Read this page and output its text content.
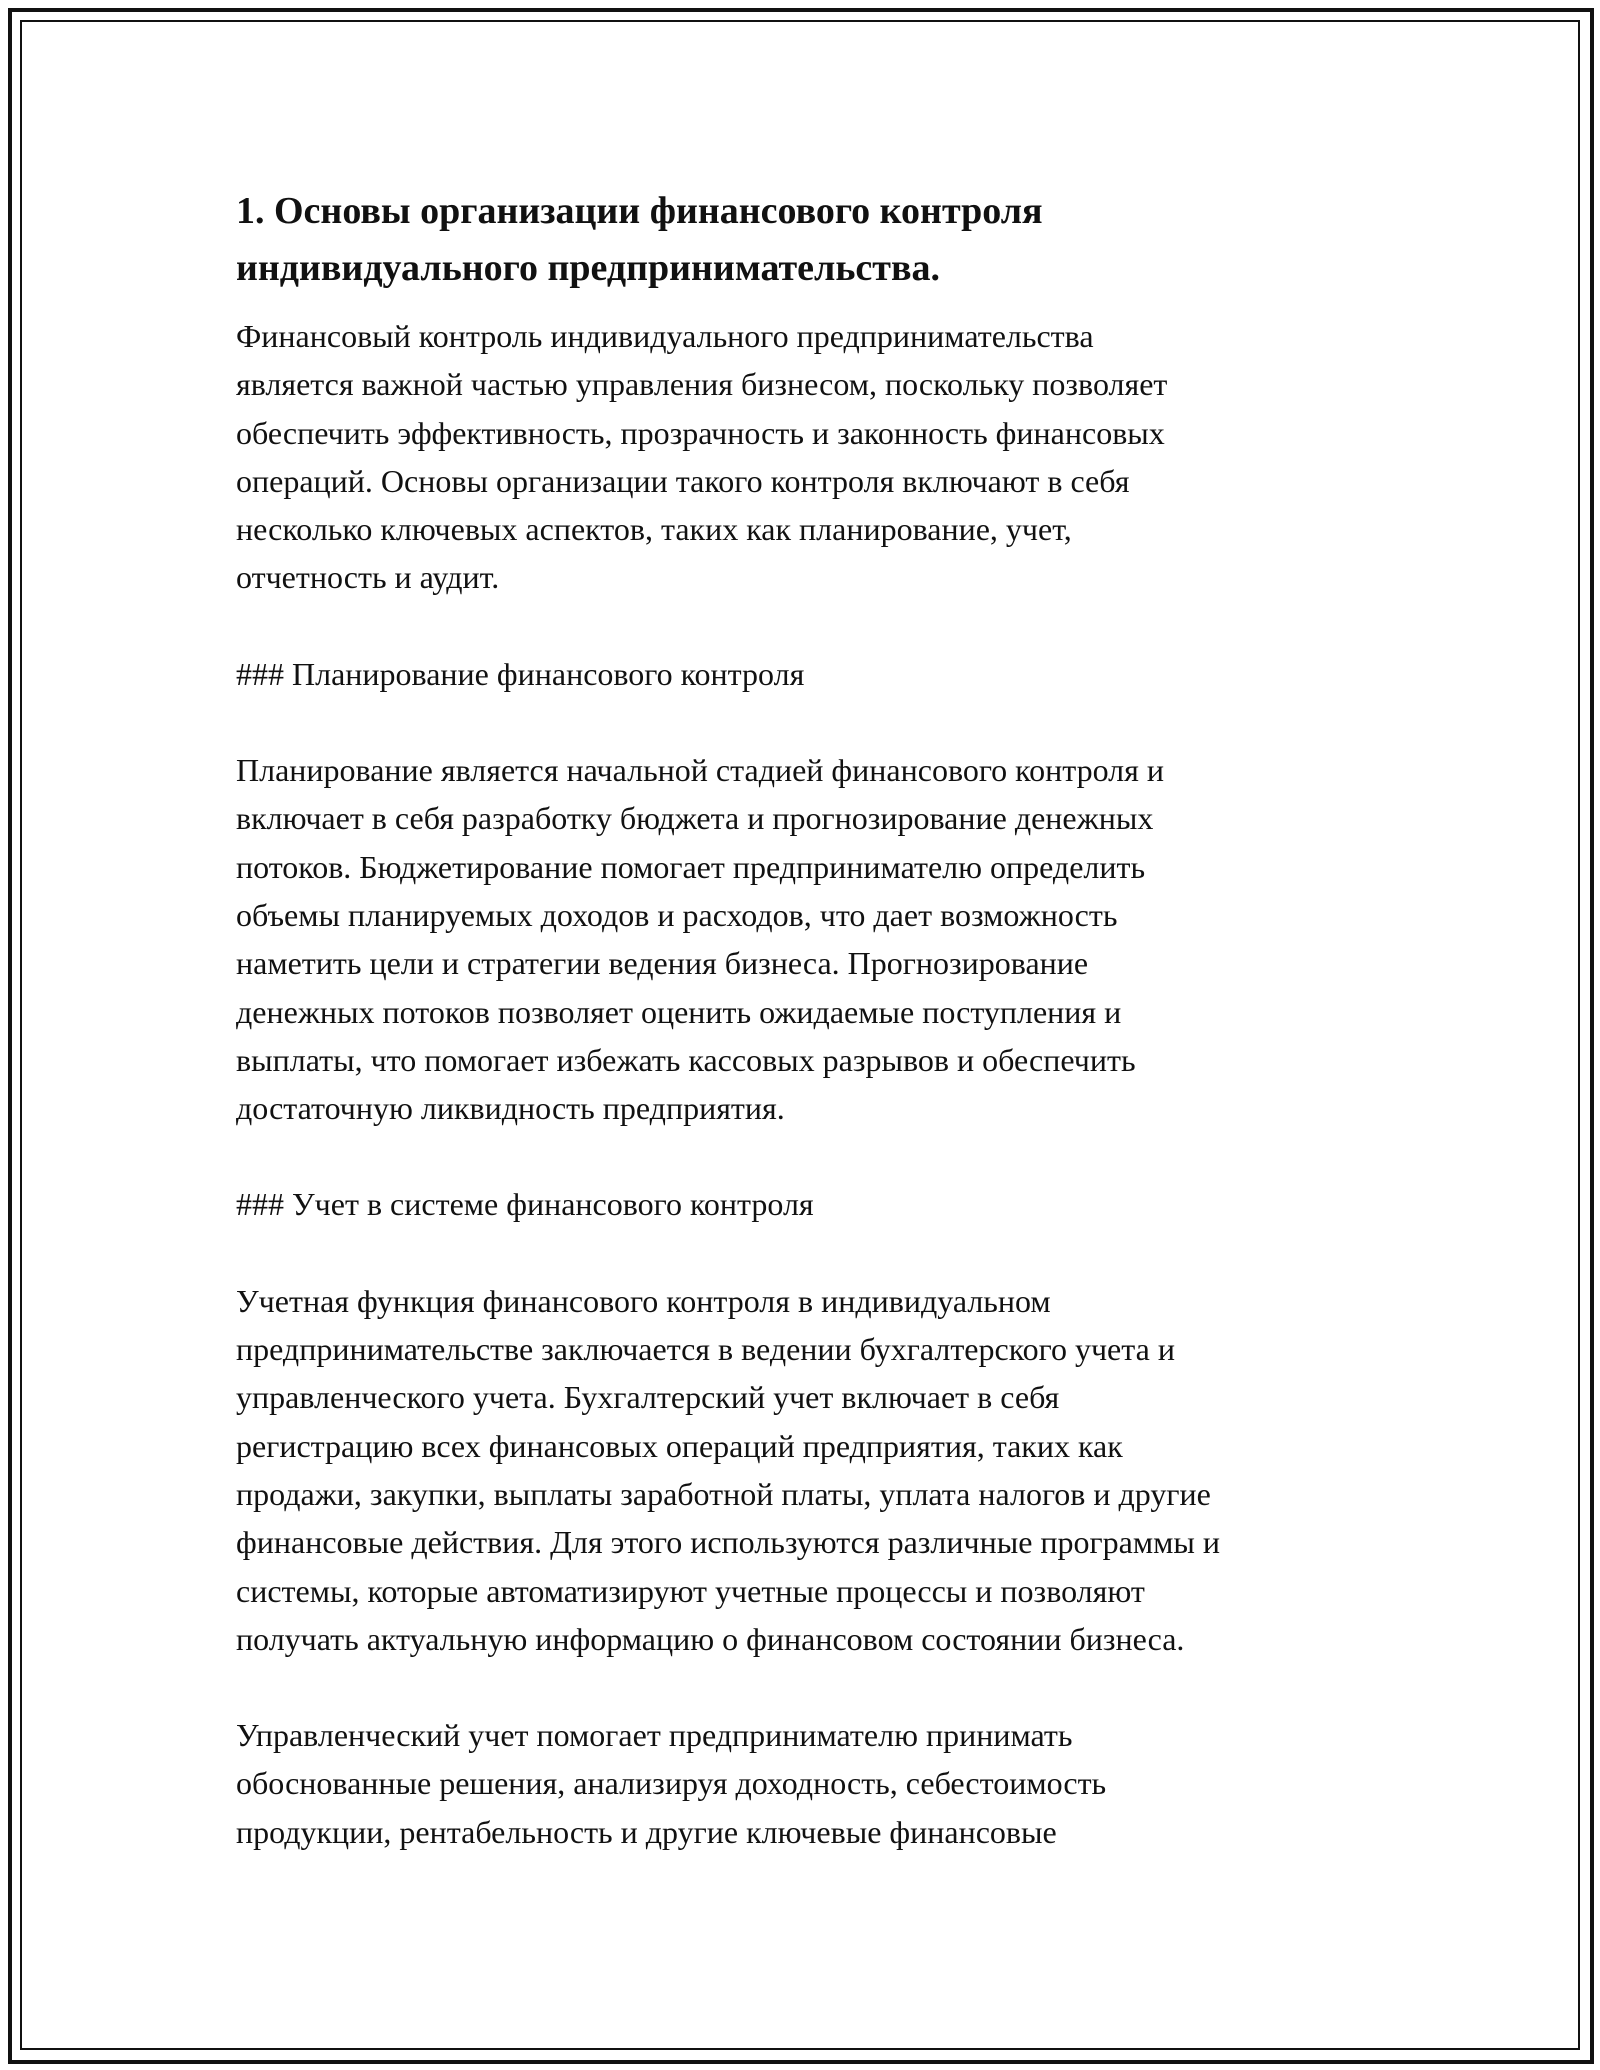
1. Основы организации финансового контроля
индивидуального предпринимательства.

Финансовый контроль индивидуального предпринимательства
является важной частью управления бизнесом, поскольку позволяет
обеспечить эффективность, прозрачность и законность финансовых
операций. Основы организации такого контроля включают в себя
несколько ключевых аспектов, таких как планирование, учет,
отчетность и аудит.

### Планирование финансового контроля

Планирование является начальной стадией финансового контроля и
включает в себя разработку бюджета и прогнозирование денежных
потоков. Бюджетирование помогает предпринимателю определить
объемы планируемых доходов и расходов, что дает возможность
наметить цели и стратегии ведения бизнеса. Прогнозирование
денежных потоков позволяет оценить ожидаемые поступления и
выплаты, что помогает избежать кассовых разрывов и обеспечить
достаточную ликвидность предприятия.

### Учет в системе финансового контроля

Учетная функция финансового контроля в индивидуальном
предпринимательстве заключается в ведении бухгалтерского учета и
управленческого учета. Бухгалтерский учет включает в себя
регистрацию всех финансовых операций предприятия, таких как
продажи, закупки, выплаты заработной платы, уплата налогов и другие
финансовые действия. Для этого используются различные программы и
системы, которые автоматизируют учетные процессы и позволяют
получать актуальную информацию о финансовом состоянии бизнеса.

Управленческий учет помогает предпринимателю принимать
обоснованные решения, анализируя доходность, себестоимость
продукции, рентабельность и другие ключевые финансовые
